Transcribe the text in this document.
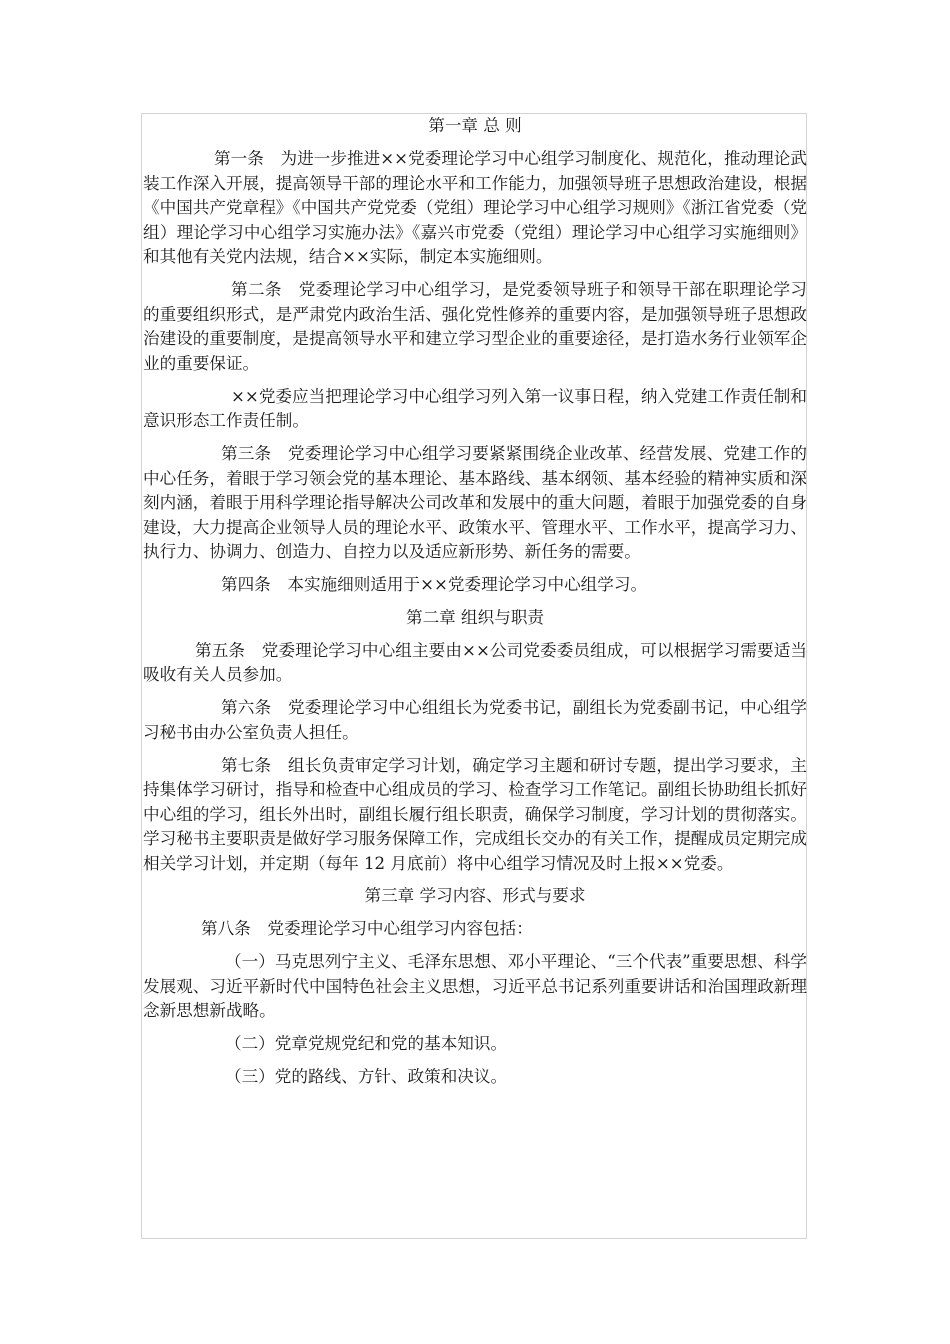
第一章 总 则

第一条　为进一步推进××党委理论学习中心组学习制度化、规范化，推动理论武装工作深入开展，提高领导干部的理论水平和工作能力，加强领导班子思想政治建设，根据《中国共产党章程》《中国共产党党委（党组）理论学习中心组学习规则》《浙江省党委（党组）理论学习中心组学习实施办法》《嘉兴市党委（党组）理论学习中心组学习实施细则》和其他有关党内法规，结合××实际，制定本实施细则。

第二条　党委理论学习中心组学习，是党委领导班子和领导干部在职理论学习的重要组织形式，是严肃党内政治生活、强化党性修养的重要内容，是加强领导班子思想政治建设的重要制度，是提高领导水平和建立学习型企业的重要途径，是打造水务行业领军企业的重要保证。

××党委应当把理论学习中心组学习列入第一议事日程，纳入党建工作责任制和意识形态工作责任制。

第三条　党委理论学习中心组学习要紧紧围绕企业改革、经营发展、党建工作的中心任务，着眼于学习领会党的基本理论、基本路线、基本纲领、基本经验的精神实质和深刻内涵，着眼于用科学理论指导解决公司改革和发展中的重大问题，着眼于加强党委的自身建设，大力提高企业领导人员的理论水平、政策水平、管理水平、工作水平，提高学习力、执行力、协调力、创造力、自控力以及适应新形势、新任务的需要。

第四条　本实施细则适用于××党委理论学习中心组学习。

第二章 组织与职责

第五条　党委理论学习中心组主要由××公司党委委员组成，可以根据学习需要适当吸收有关人员参加。

第六条　党委理论学习中心组组长为党委书记，副组长为党委副书记，中心组学习秘书由办公室负责人担任。

第七条　组长负责审定学习计划，确定学习主题和研讨专题，提出学习要求，主持集体学习研讨，指导和检查中心组成员的学习、检查学习工作笔记。副组长协助组长抓好中心组的学习，组长外出时，副组长履行组长职责，确保学习制度，学习计划的贯彻落实。学习秘书主要职责是做好学习服务保障工作，完成组长交办的有关工作，提醒成员定期完成相关学习计划，并定期（每年 12 月底前）将中心组学习情况及时上报××党委。

第三章 学习内容、形式与要求

第八条　党委理论学习中心组学习内容包括：

（一）马克思列宁主义、毛泽东思想、邓小平理论、“三个代表”重要思想、科学发展观、习近平新时代中国特色社会主义思想，习近平总书记系列重要讲话和治国理政新理念新思想新战略。

（二）党章党规党纪和党的基本知识。

（三）党的路线、方针、政策和决议。
